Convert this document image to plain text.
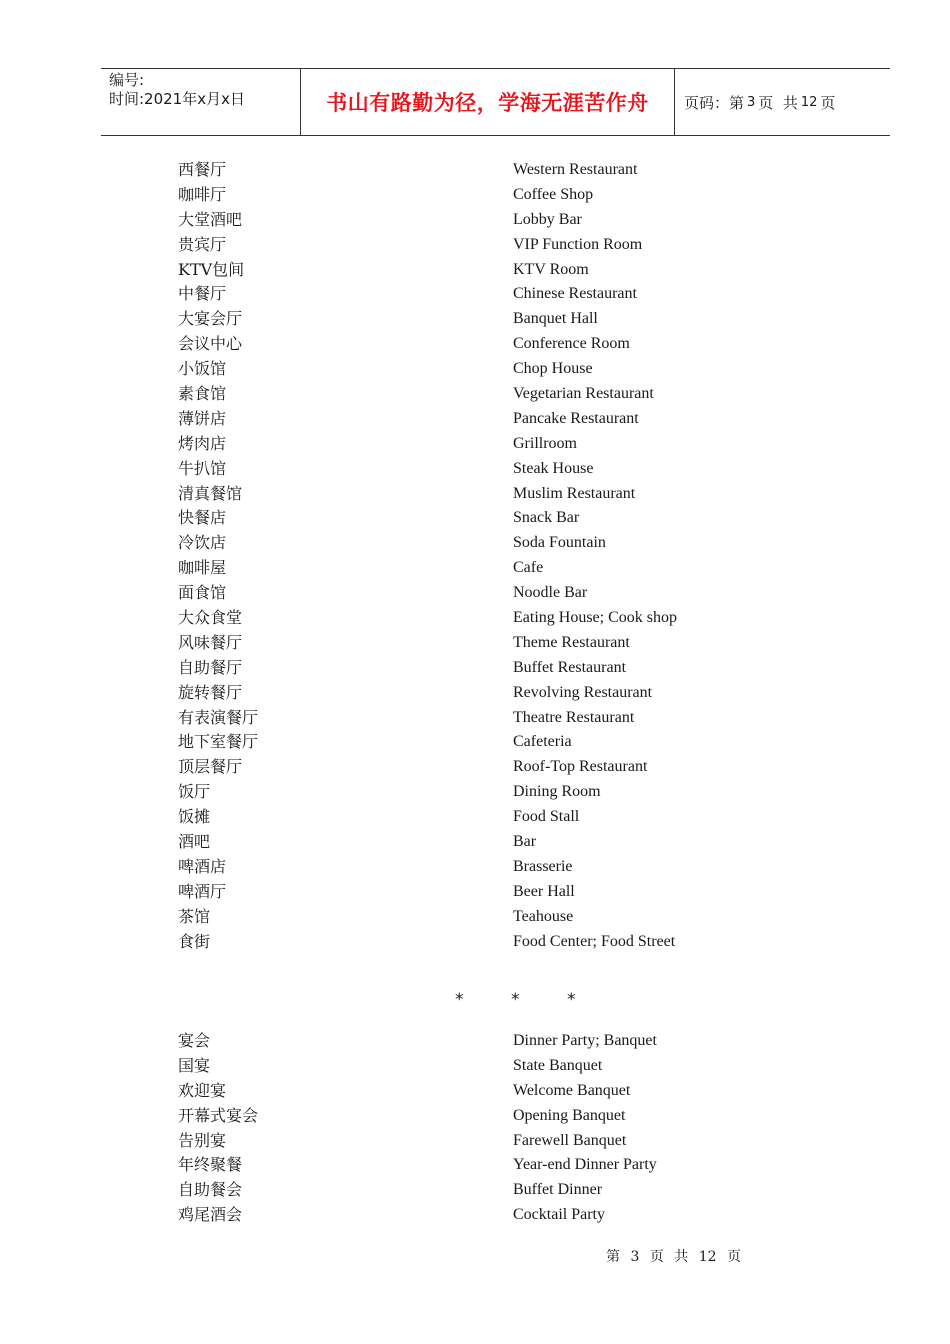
编号:
时间:2021年x月x日	书山有路勤为径，学海无涯苦作舟	页码：第 3 页  共 12 页
西餐厅	Western Restaurant
咖啡厅	Coffee Shop
大堂酒吧	Lobby Bar
贵宾厅	VIP Function Room
KTV包间	KTV Room
中餐厅	Chinese Restaurant
大宴会厅	Banquet Hall
会议中心	Conference Room
小饭馆	Chop House
素食馆	Vegetarian Restaurant
薄饼店	Pancake Restaurant
烤肉店	Grillroom
牛扒馆	Steak House
清真餐馆	Muslim Restaurant
快餐店	Snack Bar
冷饮店	Soda Fountain
咖啡屋	Cafe
面食馆	Noodle Bar
大众食堂	Eating House; Cook shop
风味餐厅	Theme Restaurant
自助餐厅	Buffet Restaurant
旋转餐厅	Revolving Restaurant
有表演餐厅	Theatre Restaurant
地下室餐厅	Cafeteria
顶层餐厅	Roof-Top Restaurant
饭厅	Dining Room
饭摊	Food Stall
酒吧	Bar
啤酒店	Brasserie
啤酒厅	Beer Hall
茶馆	Teahouse
食街	Food Center; Food Street
*	*	*
宴会	Dinner Party; Banquet
国宴	State Banquet
欢迎宴	Welcome Banquet
开幕式宴会	Opening Banquet
告别宴	Farewell Banquet
年终聚餐	Year-end Dinner Party
自助餐会	Buffet Dinner
鸡尾酒会	Cocktail Party
第 3 页 共 12 页
